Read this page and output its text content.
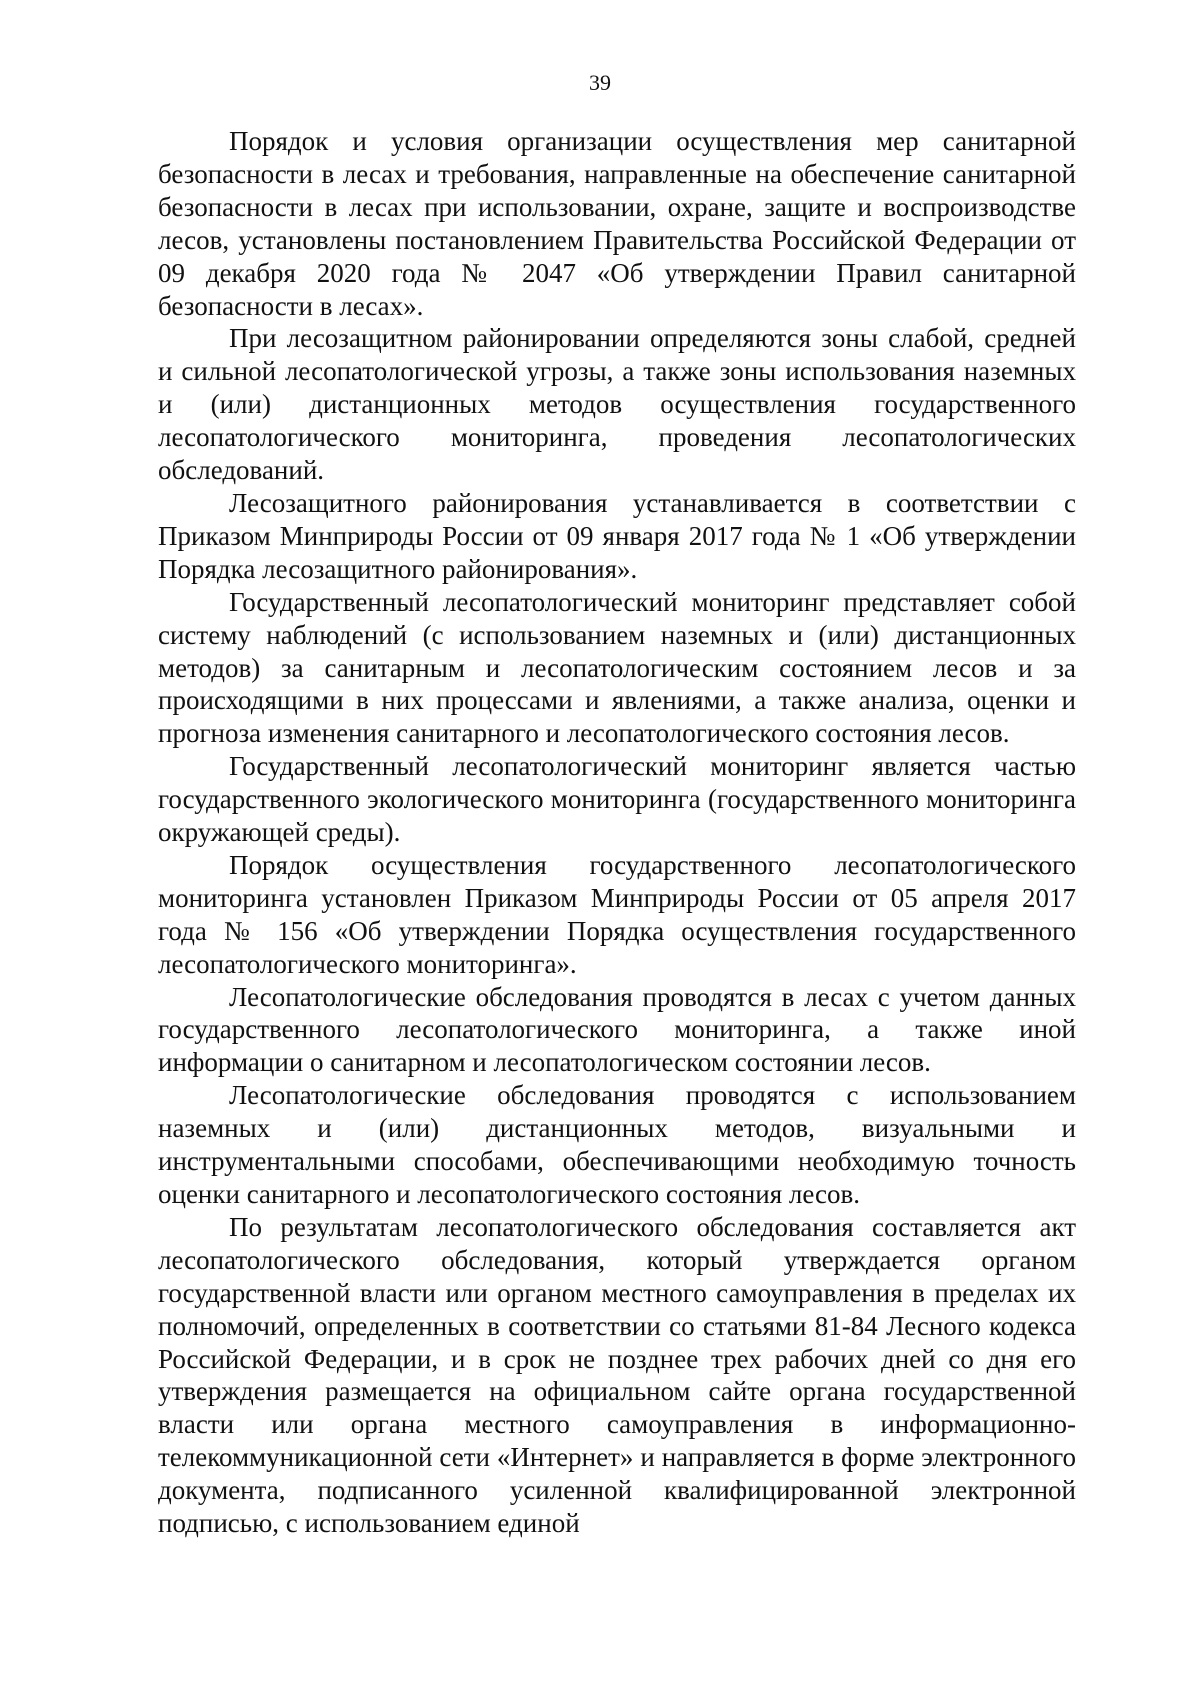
39

Порядок и условия организации осуществления мер санитарной безопасности в лесах и требования, направленные на обеспечение санитарной безопасности в лесах при использовании, охране, защите и воспроизводстве лесов, установлены постановлением Правительства Российской Федерации от 09 декабря 2020 года № 2047 «Об утверждении Правил санитарной безопасности в лесах».

При лесозащитном районировании определяются зоны слабой, средней и сильной лесопатологической угрозы, а также зоны использования наземных и (или) дистанционных методов осуществления государственного лесопатологического мониторинга, проведения лесопатологических обследований.

Лесозащитного районирования устанавливается в соответствии с Приказом Минприроды России от 09 января 2017 года № 1 «Об утверждении Порядка лесозащитного районирования».

Государственный лесопатологический мониторинг представляет собой систему наблюдений (с использованием наземных и (или) дистанционных методов) за санитарным и лесопатологическим состоянием лесов и за происходящими в них процессами и явлениями, а также анализа, оценки и прогноза изменения санитарного и лесопатологического состояния лесов.

Государственный лесопатологический мониторинг является частью государственного экологического мониторинга (государственного мониторинга окружающей среды).

Порядок осуществления государственного лесопатологического мониторинга установлен Приказом Минприроды России от 05 апреля 2017 года № 156 «Об утверждении Порядка осуществления государственного лесопатологического мониторинга».

Лесопатологические обследования проводятся в лесах с учетом данных государственного лесопатологического мониторинга, а также иной информации о санитарном и лесопатологическом состоянии лесов.

Лесопатологические обследования проводятся с использованием наземных и (или) дистанционных методов, визуальными и инструментальными способами, обеспечивающими необходимую точность оценки санитарного и лесопатологического состояния лесов.

По результатам лесопатологического обследования составляется акт лесопатологического обследования, который утверждается органом государственной власти или органом местного самоуправления в пределах их полномочий, определенных в соответствии со статьями 81-84 Лесного кодекса Российской Федерации, и в срок не позднее трех рабочих дней со дня его утверждения размещается на официальном сайте органа государственной власти или органа местного самоуправления в информационно-телекоммуникационной сети «Интернет» и направляется в форме электронного документа, подписанного усиленной квалифицированной электронной подписью, с использованием единой
